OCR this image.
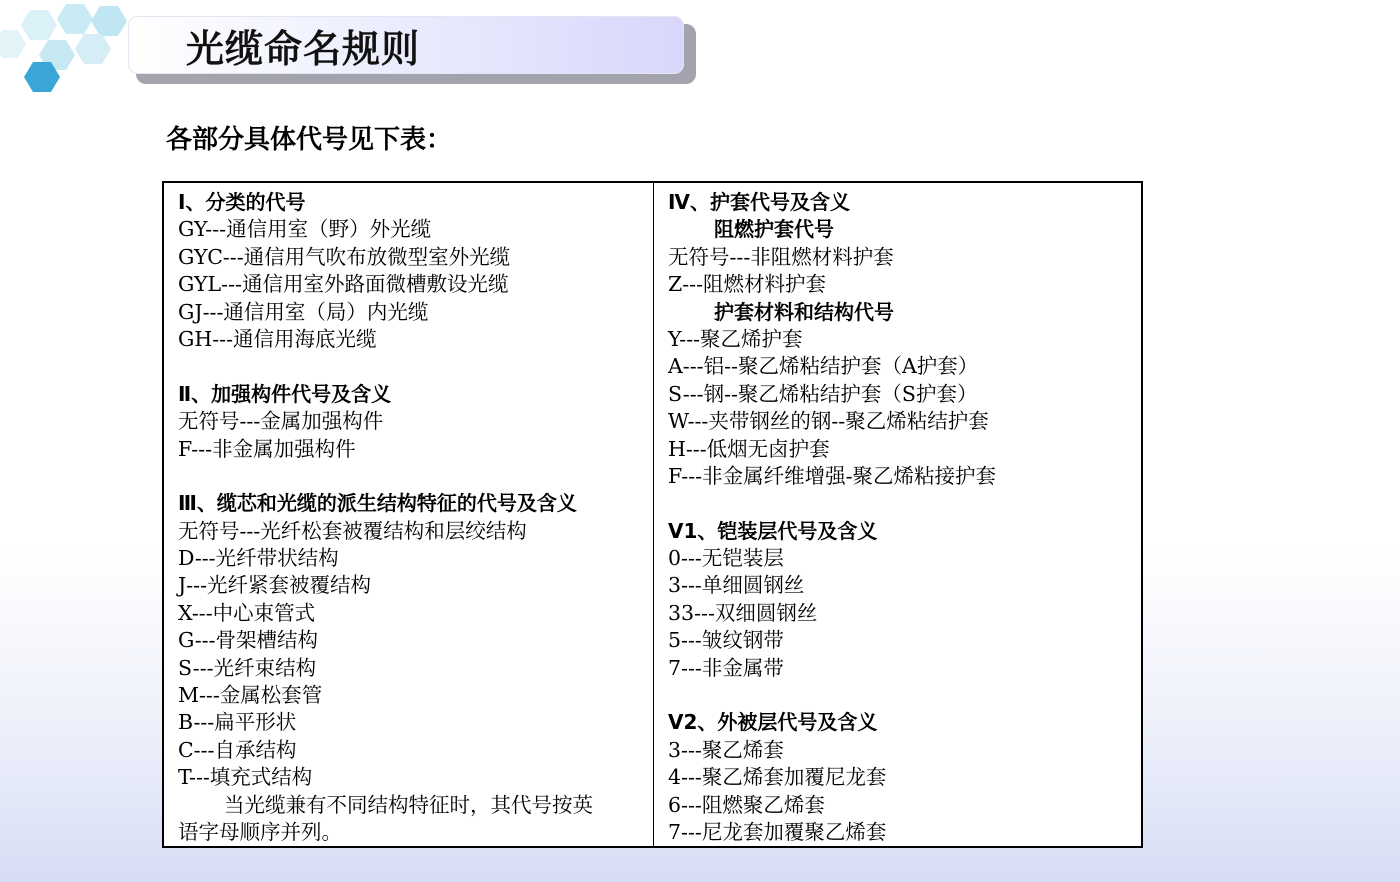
光缆命名规则
各部分具体代号见下表：
Ⅰ、分类的代号
GY---通信用室（野）外光缆
GYC---通信用气吹布放微型室外光缆
GYL---通信用室外路面微槽敷设光缆
GJ---通信用室（局）内光缆
GH---通信用海底光缆
Ⅱ、加强构件代号及含义
无符号---金属加强构件
F---非金属加强构件
Ⅲ、缆芯和光缆的派生结构特征的代号及含义
无符号---光纤松套被覆结构和层绞结构
D---光纤带状结构
J---光纤紧套被覆结构
X---中心束管式
G---骨架槽结构
S---光纤束结构
M---金属松套管
B---扁平形状
C---自承结构
T---填充式结构
当光缆兼有不同结构特征时，其代号按英
语字母顺序并列。
Ⅳ、护套代号及含义
阻燃护套代号
无符号---非阻燃材料护套
Z---阻燃材料护套
护套材料和结构代号
Y---聚乙烯护套
A---铝--聚乙烯粘结护套（A护套）
S---钢--聚乙烯粘结护套（S护套）
W---夹带钢丝的钢--聚乙烯粘结护套
H---低烟无卤护套
F---非金属纤维增强-聚乙烯粘接护套
Ⅴ1、铠装层代号及含义
0---无铠装层
3---单细圆钢丝
33---双细圆钢丝
5---皱纹钢带
7---非金属带
Ⅴ2、外被层代号及含义
3---聚乙烯套
4---聚乙烯套加覆尼龙套
6---阻燃聚乙烯套
7---尼龙套加覆聚乙烯套
